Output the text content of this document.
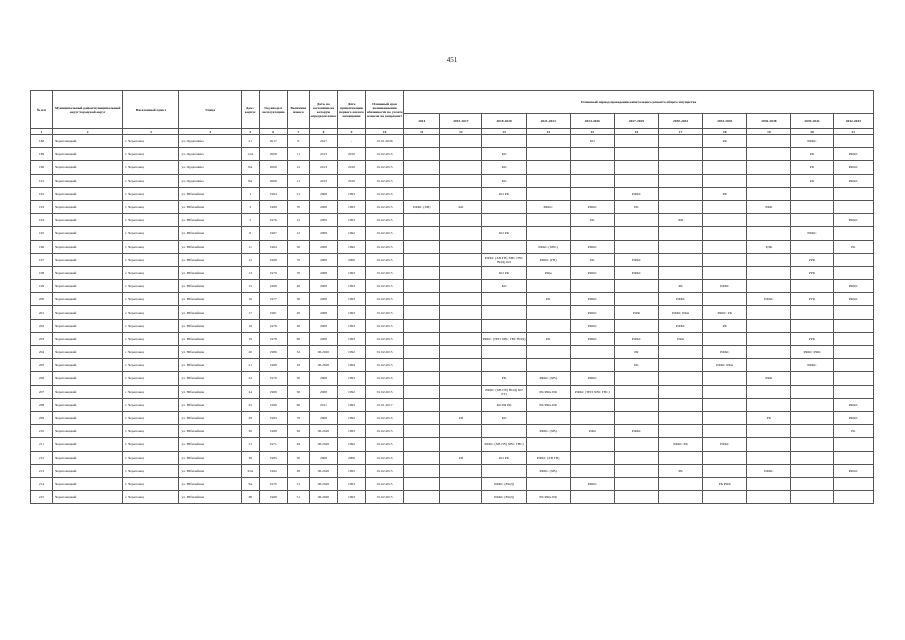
451
№ п/п	Муниципальный район/муниципальный округ/городской округ	Населенный пункт	Улица	Дом / корпус	Год ввода в эксплуатацию	Величина износа	Дата, по состоянию на которую определен износ	Дата приватизации первого жилого помещения	Плановый срок возникновения обязанности по уплате взносов на капремонт	Плановый период проведения капитального ремонта общего имущества										
										2014	2015-2017	2018-2020	2021-2023	2024-2026	2027-2029	2030-2032	2033-2035	2036-2038	2039-2041	2042-2044
1	2	3	4	5	6	7	8	9	10	11	12	13	14	15	16	17	18	19	20	21
188	Череповецкий	г. Череповец	ул. Орджоника	21	2017	0	2017	-	01.01.2026					КО			РК		РФКС	
189	Череповецкий	г. Череповец	ул. Орджоника	12А	2008	11	2013	2010	01.02.2015			КО							РК	РФКС
190	Череповецкий	г. Череповец	ул. Орджоника	8А	2009	12	2013	2010	01.02.2015			КО							РК	РФКС
191	Череповецкий	г. Череповец	ул. Орджоника	8А	2008	11	2013	2010	01.02.2015			КО							РК	РФКС
192	Череповецкий	г. Череповец	ул. Юбилейная	1	1964	21	2008	1993	01.02.2015			КО РК			РФКС		РК			
193	Череповецкий	г. Череповец	ул. Юбилейная	3	1989	70	2008	1993	01.02.2015	РФКС (ХВ)	КО		РФКС	РФКС	РК			РФК		
194	Череповецкий	г. Череповец	ул. Юбилейная	5	1976	12	2009	1993	01.02.2015					РК		ФЯ				РФКС
195	Череповецкий	г. Череповец	ул. Юбилейная	6	1967	12	2009	1992	01.02.2015			КО РК							РФКС	
196	Череповецкий	г. Череповец	ул. Юбилейная	11	1964	50	2008	1992	01.02.2015				РФКС (ХВС)	РФКС				РДК		РК
197	Череповецкий	г. Череповец	ул. Юбилейная	12	1968	70	2008	2006	01.02.2015			РФКС (ХВ ГВ) ХВС ГВС ВОД) КО	РФКС (ГВ)	РК	РФКС				РРК	
198	Череповецкий	г. Череповец	ул. Юбилейная	13	1979	70	2008	1993	01.02.2015			КО РК	РФм	РФКС	РФКС				РРК	
199	Череповецкий	г. Череповец	ул. Юбилейная	15	1990	40	2008	1993	01.02.2015			КО				РК	РФКС			РФКС
200	Череповецкий	г. Череповец	ул. Юбилейная	16	1977	30	2008	1993	01.02.2015				РК	РФКС		РФКС		РФКС	РУК	РФКС
201	Череповецкий	г. Череповец	ул. Юбилейная	17	1981	20	2008	1993	01.02.2015					РФКС	РФК	РФКС РФм	РФКС РК			
202	Череповецкий	г. Череповец	ул. Юбилейная	18	1978	20	2008	1993	01.02.2015					РФКС		РФКС	РК			
203	Череповецкий	г. Череповец	ул. Юбилейная	19	1978	80	2008	1993	01.02.2015			РФКС (ТЕП ХВС ГВС ВОД)	РК	РФКС	РФКС	РФм			РРК	
204	Череповецкий	г. Череповец	ул. Юбилейная	20	1986	32	06.2020	1992	01.02.2015						РЯ		РФКС		РФКС РФК	
205	Череповецкий	г. Череповец	ул. Юбилейная	21	1988	18	06.2020	1994	01.02.2015						РК		РФКС РФм		РФКС	
206	Череповецкий	г. Череповец	ул. Юбилейная	22	1970	50	2008	1993	01.02.2015			РК	РФКС (ХВ)	РФКС				РФК		
207	Череповецкий	г. Череповец	ул. Юбилейная	24	1969	50	2008	1992	01.02.2015			РФКС (ХВ ГВ) ВОД) КО РТ)	РК РФм РФ	РФКС (ТЕП ХВС ГВС)						
208	Череповецкий	г. Череповец	ул. Юбилейная	25	1990	60	2011	1993	01.01.2017			КО РЯ РК	РК РФм РФ							РФКС
209	Череповецкий	г. Череповец	ул. Юбилейная	28	1983	70	2008	1992	01.02.2015		РЯ	КО						РК		РФКС
210	Череповецкий	г. Череповец	ул. Юбилейная	30	1988	26	06.2020	1993	01.02.2015				РФКС (ХВ)	РФм	РФКС					РК
211	Череповецкий	г. Череповец	ул. Юбилейная	31	1971	49	06.2020	1992	01.02.2015			РФКС (ХВ ГВ) ХВС ГВС)				РФКС РК	РФКС			
212	Череповецкий	г. Череповец	ул. Юбилейная	36	1985	50	2008	2006	01.02.2015		РЯ	КО РК	РФКС (ХВ ГВ)							
213	Череповецкий	г. Череповец	ул. Юбилейная	32А	1992	28	06.2020	1995	01.02.2015				РФКС (ХВ)			РК		РФКС		РФКС
214	Череповецкий	г. Череповец	ул. Юбилейная	3А	1970	51	06.2020	1993	01.02.2015			РФКС (ВОД)		РФКС			РК РФК			
215	Череповецкий	г. Череповец	ул. Юбилейная	3Б	1968	51	06.2020	1993	01.02.2015			РФКС (ВОД)	РК РФм РФ							
